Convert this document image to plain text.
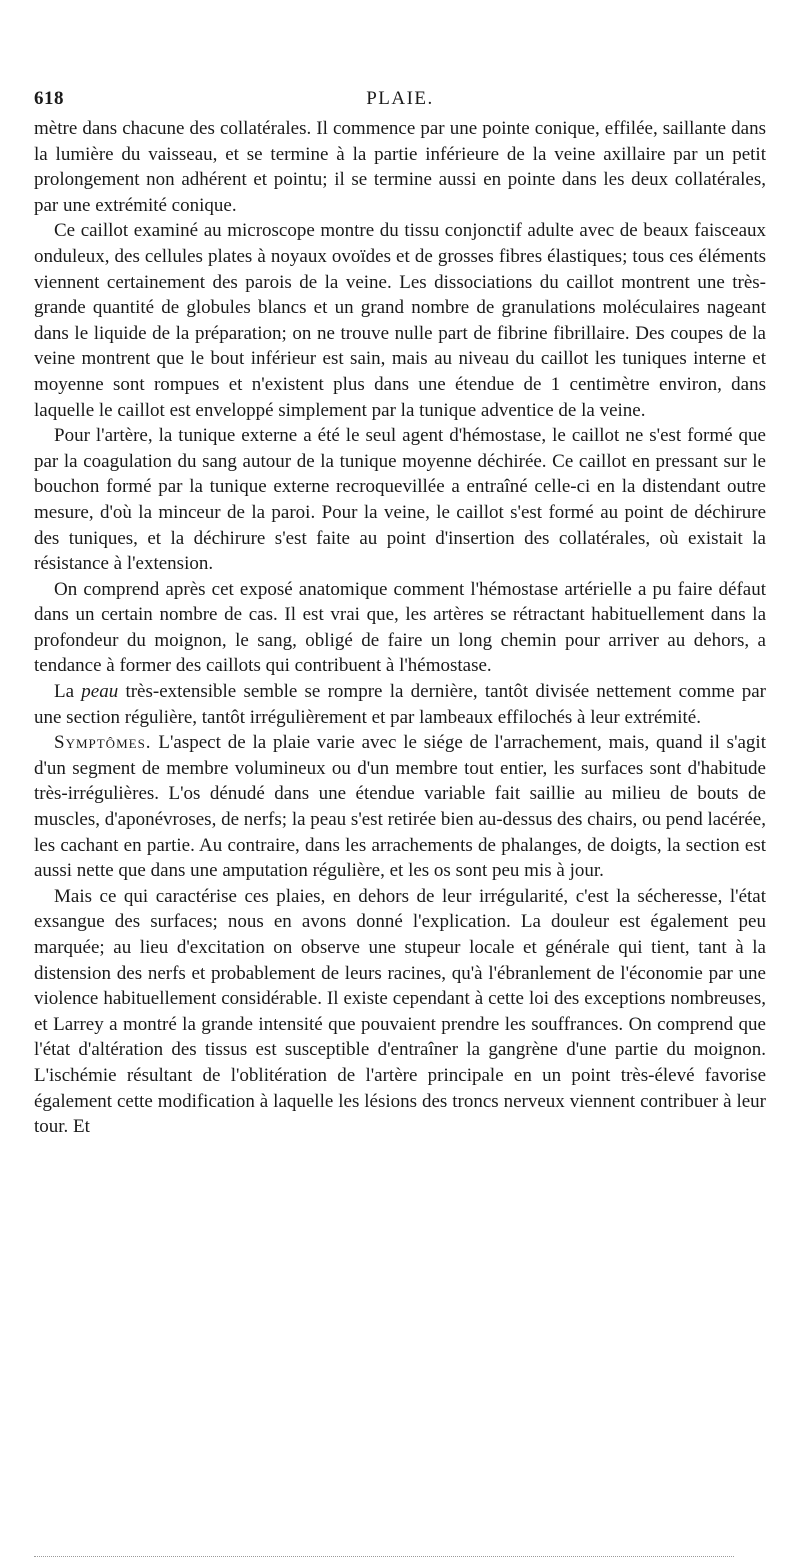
618	PLAIE.

mètre dans chacune des collatérales. Il commence par une pointe conique, effilée, saillante dans la lumière du vaisseau, et se termine à la partie inférieure de la veine axillaire par un petit prolongement non adhérent et pointu; il se termine aussi en pointe dans les deux collatérales, par une extrémité conique.

Ce caillot examiné au microscope montre du tissu conjonctif adulte avec de beaux faisceaux onduleux, des cellules plates à noyaux ovoïdes et de grosses fibres élastiques; tous ces éléments viennent certainement des parois de la veine. Les dissociations du caillot montrent une très-grande quantité de globules blancs et un grand nombre de granulations moléculaires nageant dans le liquide de la préparation; on ne trouve nulle part de fibrine fibrillaire. Des coupes de la veine montrent que le bout inférieur est sain, mais au niveau du caillot les tuniques interne et moyenne sont rompues et n'existent plus dans une étendue de 1 centimètre environ, dans laquelle le caillot est enveloppé simplement par la tunique adventice de la veine.

Pour l'artère, la tunique externe a été le seul agent d'hémostase, le caillot ne s'est formé que par la coagulation du sang autour de la tunique moyenne déchirée. Ce caillot en pressant sur le bouchon formé par la tunique externe recroquevillée a entraîné celle-ci en la distendant outre mesure, d'où la minceur de la paroi. Pour la veine, le caillot s'est formé au point de déchirure des tuniques, et la déchirure s'est faite au point d'insertion des collatérales, où existait la résistance à l'extension.

On comprend après cet exposé anatomique comment l'hémostase artérielle a pu faire défaut dans un certain nombre de cas. Il est vrai que, les artères se rétractant habituellement dans la profondeur du moignon, le sang, obligé de faire un long chemin pour arriver au dehors, a tendance à former des caillots qui contribuent à l'hémostase.

La peau très-extensible semble se rompre la dernière, tantôt divisée nettement comme par une section régulière, tantôt irrégulièrement et par lambeaux effilochés à leur extrémité.

Symptômes. L'aspect de la plaie varie avec le siége de l'arrachement, mais, quand il s'agit d'un segment de membre volumineux ou d'un membre tout entier, les surfaces sont d'habitude très-irrégulières. L'os dénudé dans une étendue variable fait saillie au milieu de bouts de muscles, d'aponévroses, de nerfs; la peau s'est retirée bien au-dessus des chairs, ou pend lacérée, les cachant en partie. Au contraire, dans les arrachements de phalanges, de doigts, la section est aussi nette que dans une amputation régulière, et les os sont peu mis à jour.

Mais ce qui caractérise ces plaies, en dehors de leur irrégularité, c'est la sécheresse, l'état exsangue des surfaces; nous en avons donné l'explication. La douleur est également peu marquée; au lieu d'excitation on observe une stupeur locale et générale qui tient, tant à la distension des nerfs et probablement de leurs racines, qu'à l'ébranlement de l'économie par une violence habituellement considérable. Il existe cependant à cette loi des exceptions nombreuses, et Larrey a montré la grande intensité que pouvaient prendre les souffrances. On comprend que l'état d'altération des tissus est susceptible d'entraîner la gangrène d'une partie du moignon. L'ischémie résultant de l'oblitération de l'artère principale en un point très-élevé favorise également cette modification à laquelle les lésions des troncs nerveux viennent contribuer à leur tour. Et
